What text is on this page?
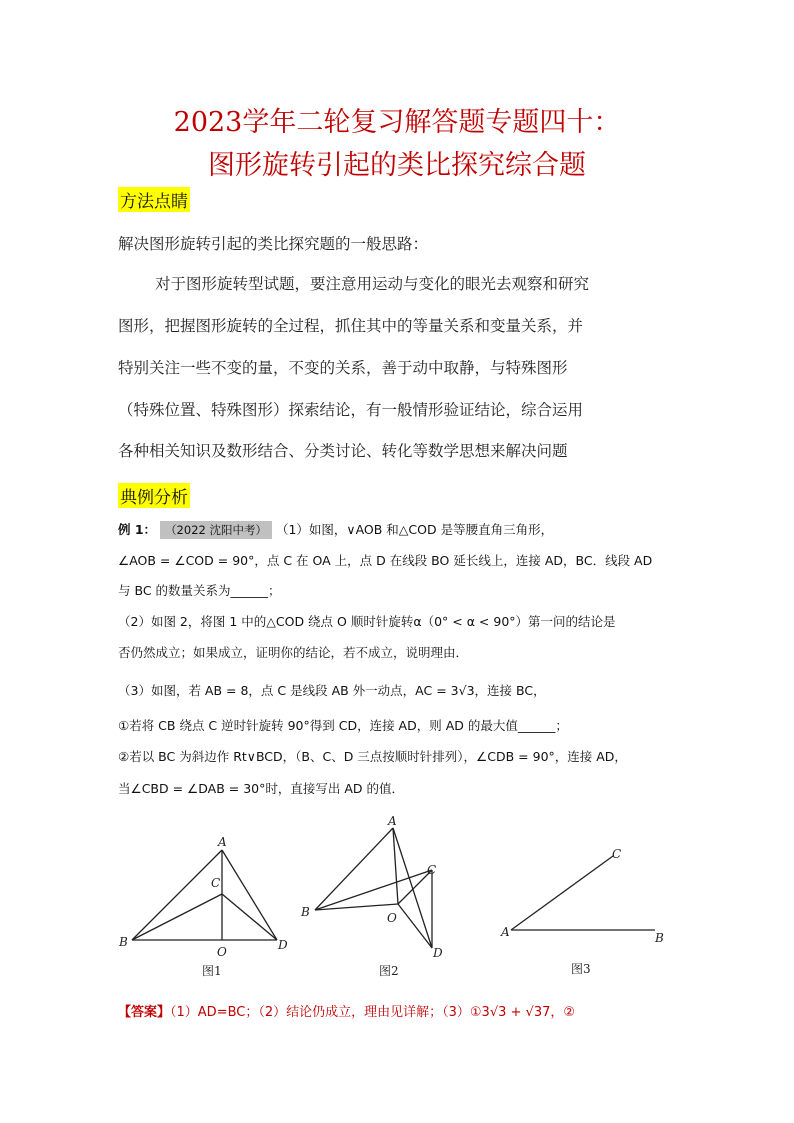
2023学年二轮复习解答题专题四十：
图形旋转引起的类比探究综合题
方法点睛
解决图形旋转引起的类比探究题的一般思路：
对于图形旋转型试题，要注意用运动与变化的眼光去观察和研究
图形，把握图形旋转的全过程，抓住其中的等量关系和变量关系，并
特别关注一些不变的量，不变的关系，善于动中取静，与特殊图形
（特殊位置、特殊图形）探索结论，有一般情形验证结论，综合运用
各种相关知识及数形结合、分类讨论、转化等数学思想来解决问题
典例分析
例 1： （2022 沈阳中考） （1）如图，∨AOB 和△COD 是等腰直角三角形，
∠AOB = ∠COD = 90°，点 C 在 OA 上，点 D 在线段 BO 延长线上，连接 AD，BC．线段 AD
与 BC 的数量关系为______；
（2）如图 2，将图 1 中的△COD 绕点 O 顺时针旋转α（0° < α < 90°）第一问的结论是
否仍然成立；如果成立，证明你的结论，若不成立，说明理由．
（3）如图，若 AB = 8，点 C 是线段 AB 外一动点，AC = 3√3，连接 BC，
①若将 CB 绕点 C 逆时针旋转 90°得到 CD，连接 AD，则 AD 的最大值______；
②若以 BC 为斜边作 Rt∨BCD，（B、C、D 三点按顺时针排列），∠CDB = 90°，连接 AD，
当∠CBD = ∠DAB = 30°时，直接写出 AD 的值．
A
C
B
O	D
图1
A
C
B	O
D
图2
C
A	B
图3
【答案】（1）AD=BC；（2）结论仍成立，理由见详解；（3）①3√3 + √37，②
